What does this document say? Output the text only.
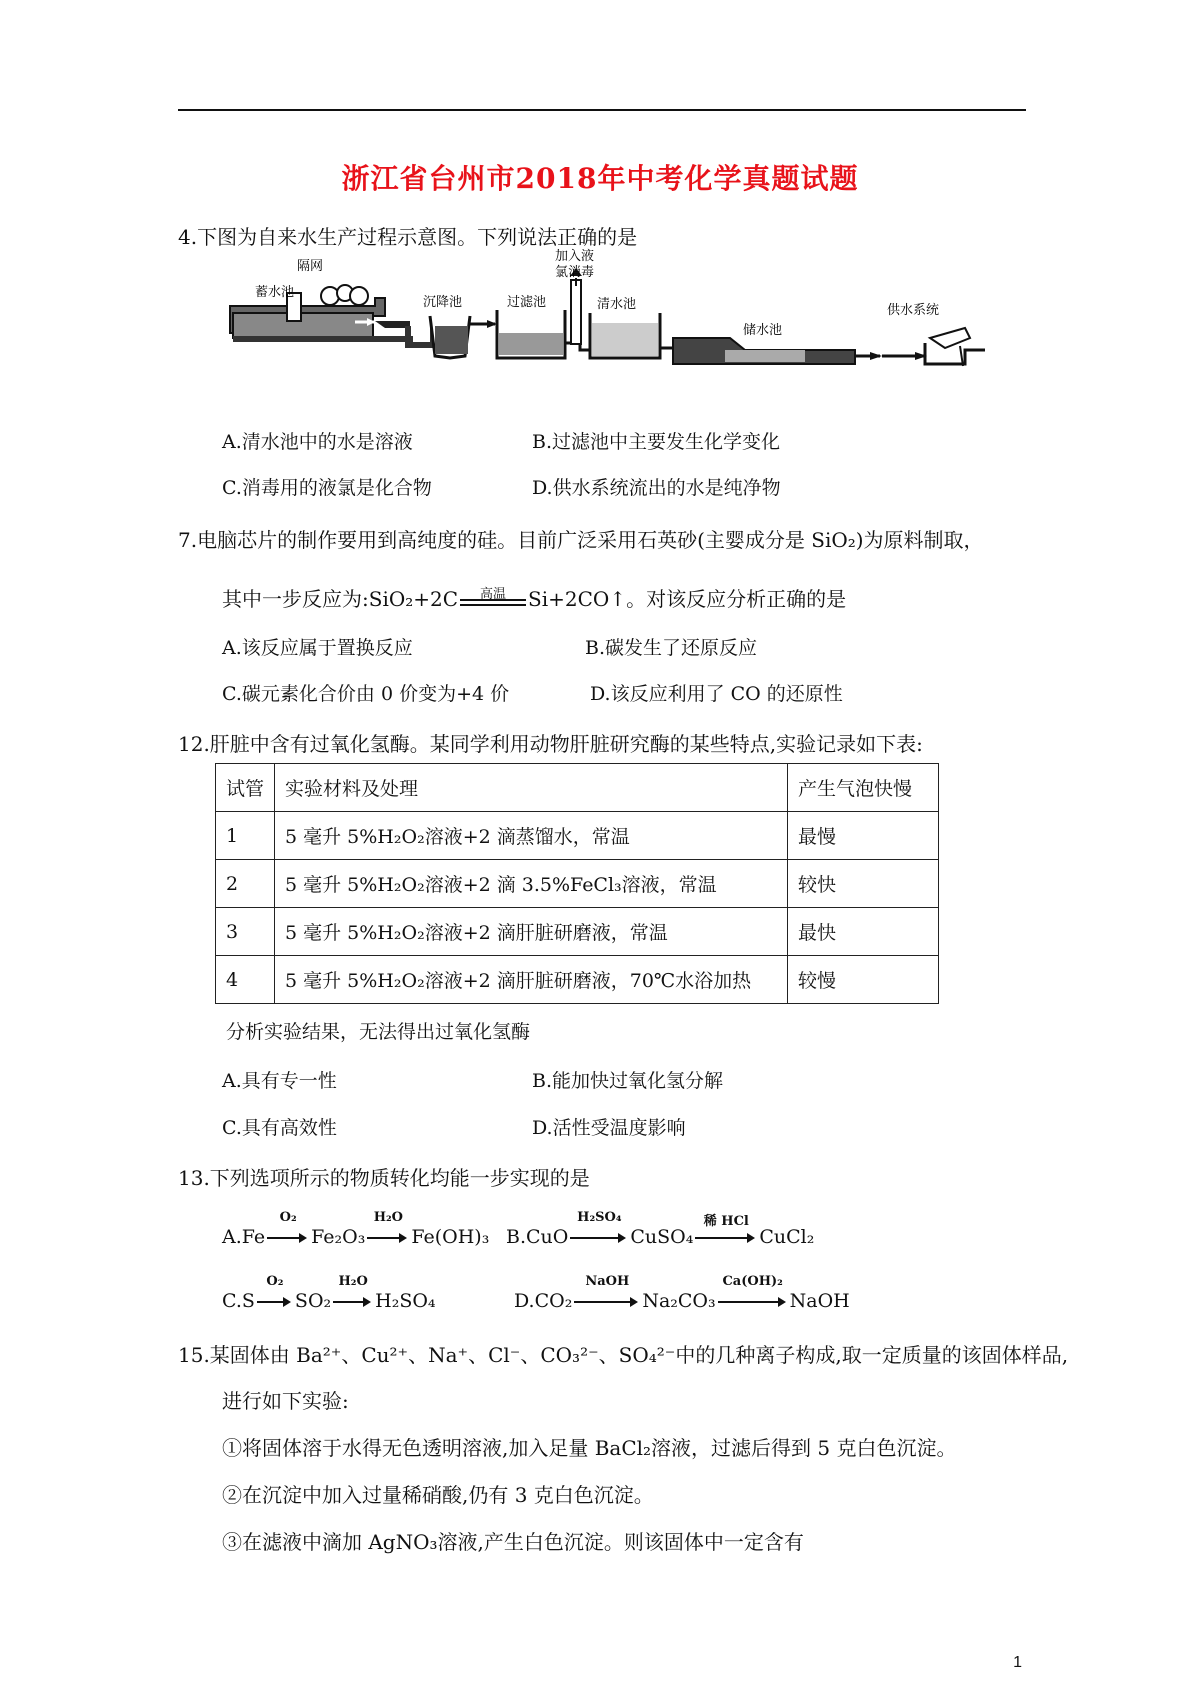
浙江省台州市2018年中考化学真题试题
4.下图为自来水生产过程示意图。下列说法正确的是
蓄水池
隔网
沉降池	过滤池
加入液
氯消毒
清水池
储水池
供水系统
A.清水池中的水是溶液	B.过滤池中主要发生化学变化
C.消毒用的液氯是化合物	D.供水系统流出的水是纯净物
7.电脑芯片的制作要用到高纯度的硅。目前广泛采用石英砂(主婴成分是 SiO₂)为原料制取，
其中一步反应为:SiO₂+2C	高温	Si+2CO↑。对该反应分析正确的是
A.该反应属于置换反应	B.碳发生了还原反应
C.碳元素化合价由 0 价变为+4 价	D.该反应利用了 CO 的还原性
12.肝脏中含有过氧化氢酶。某同学利用动物肝脏研究酶的某些特点,实验记录如下表:
试管	实验材料及处理	产生气泡快慢
1	5 毫升 5%H₂O₂溶液+2 滴蒸馏水，常温	最慢
2	5 毫升 5%H₂O₂溶液+2 滴 3.5%FeCl₃溶液，常温	较快
3	5 毫升 5%H₂O₂溶液+2 滴肝脏研磨液，常温	最快
4	5 毫升 5%H₂O₂溶液+2 滴肝脏研磨液，70℃水浴加热	较慢
分析实验结果，无法得出过氧化氢酶
A.具有专一性	B.能加快过氧化氢分解
C.具有高效性	D.活性受温度影响
13.下列选项所示的物质转化均能一步实现的是
A.Fe
O₂
Fe₂O₃
H₂O
Fe(OH)₃ B.CuO
H₂SO₄
CuSO₄
稀 HCl
CuCl₂
C.S
O₂
SO₂
H₂O
H₂SO₄	D.CO₂
NaOH
Na₂CO₃
Ca(OH)₂
NaOH
15.某固体由 Ba²⁺、Cu²⁺、Na⁺、Cl⁻、CO₃²⁻、SO₄²⁻中的几种离子构成,取一定质量的该固体样品,
进行如下实验:
①将固体溶于水得无色透明溶液,加入足量 BaCl₂溶液，过滤后得到 5 克白色沉淀。
②在沉淀中加入过量稀硝酸,仍有 3 克白色沉淀。
③在滤液中滴加 AgNO₃溶液,产生白色沉淀。则该固体中一定含有
1
